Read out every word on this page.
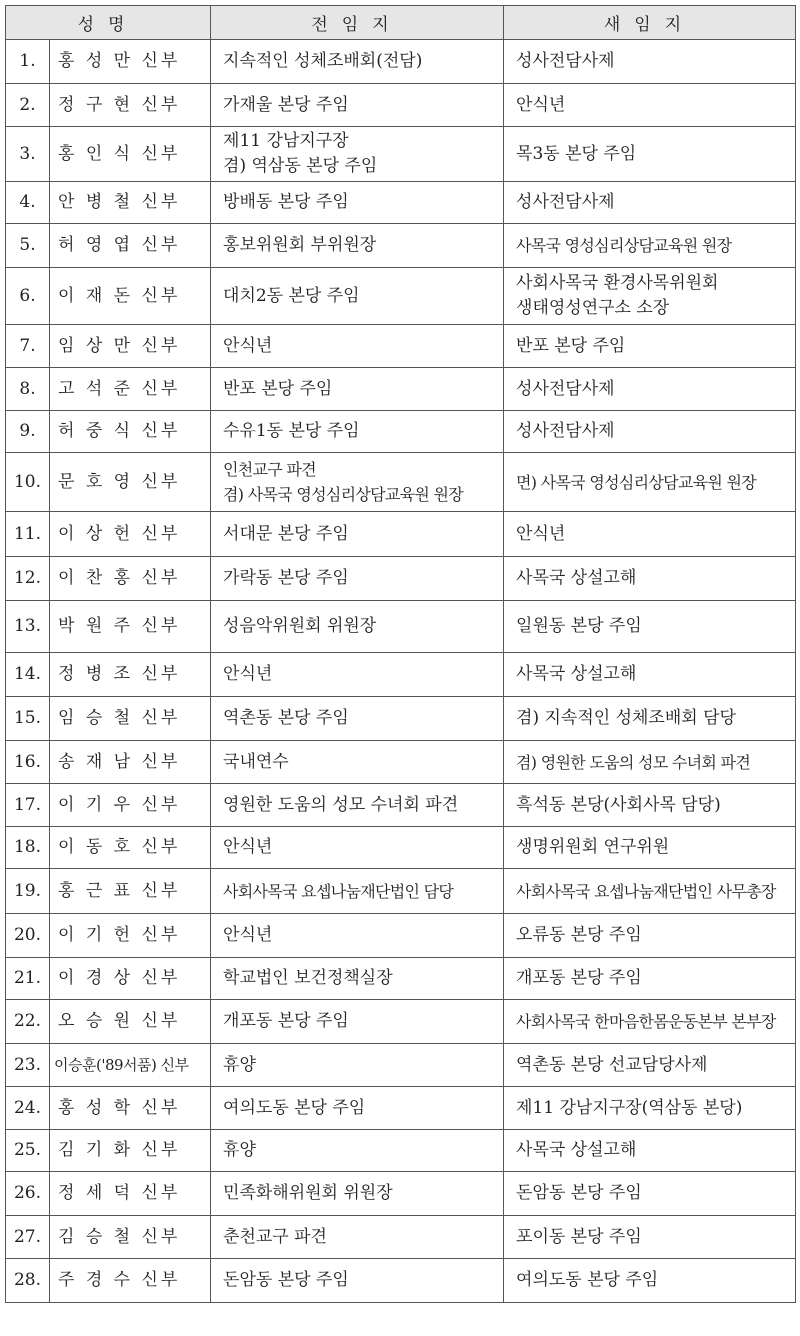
성명		전임지	새임지
1.	홍 성 만 신부	지속적인 성체조배회(전담)	성사전담사제

2.	정 구 현 신부	가재울 본당 주임	안식년

3.	홍 인 식 신부	제11 강남지구장
겸) 역삼동 본당 주임	목3동 본당 주임

4.	안 병 철 신부	방배동 본당 주임	성사전담사제

5.	허 영 엽 신부	홍보위원회 부위원장	사목국 영성심리상담교육원 원장

6.	이 재 돈 신부	대치2동 본당 주임	사회사목국 환경사목위원회
생태영성연구소 소장

7.	임 상 만 신부	안식년	반포 본당 주임

8.	고 석 준 신부	반포 본당 주임	성사전담사제

9.	허 중 식 신부	수유1동 본당 주임	성사전담사제

10.	문 호 영 신부	인천교구 파견
겸) 사목국 영성심리상담교육원 원장	면) 사목국 영성심리상담교육원 원장

11.	이 상 헌 신부	서대문 본당 주임	안식년

12.	이 찬 홍 신부	가락동 본당 주임	사목국 상설고해

13.	박 원 주 신부	성음악위원회 위원장	일원동 본당 주임

14.	정 병 조 신부	안식년	사목국 상설고해

15.	임 승 철 신부	역촌동 본당 주임	겸) 지속적인 성체조배회 담당

16.	송 재 남 신부	국내연수	겸) 영원한 도움의 성모 수녀회 파견

17.	이 기 우 신부	영원한 도움의 성모 수녀회 파견	흑석동 본당(사회사목 담당)

18.	이 동 호 신부	안식년	생명위원회 연구위원

19.	홍 근 표 신부	사회사목국 요셉나눔재단법인 담당	사회사목국 요셉나눔재단법인 사무총장

20.	이 기 헌 신부	안식년	오류동 본당 주임

21.	이 경 상 신부	학교법인 보건정책실장	개포동 본당 주임

22.	오 승 원 신부	개포동 본당 주임	사회사목국 한마음한몸운동본부 본부장

23.	이승훈('89서품) 신부	휴양	역촌동 본당 선교담당사제

24.	홍 성 학 신부	여의도동 본당 주임	제11 강남지구장(역삼동 본당)

25.	김 기 화 신부	휴양	사목국 상설고해

26.	정 세 덕 신부	민족화해위원회 위원장	돈암동 본당 주임

27.	김 승 철 신부	춘천교구 파견	포이동 본당 주임

28.	주 경 수 신부	돈암동 본당 주임	여의도동 본당 주임
